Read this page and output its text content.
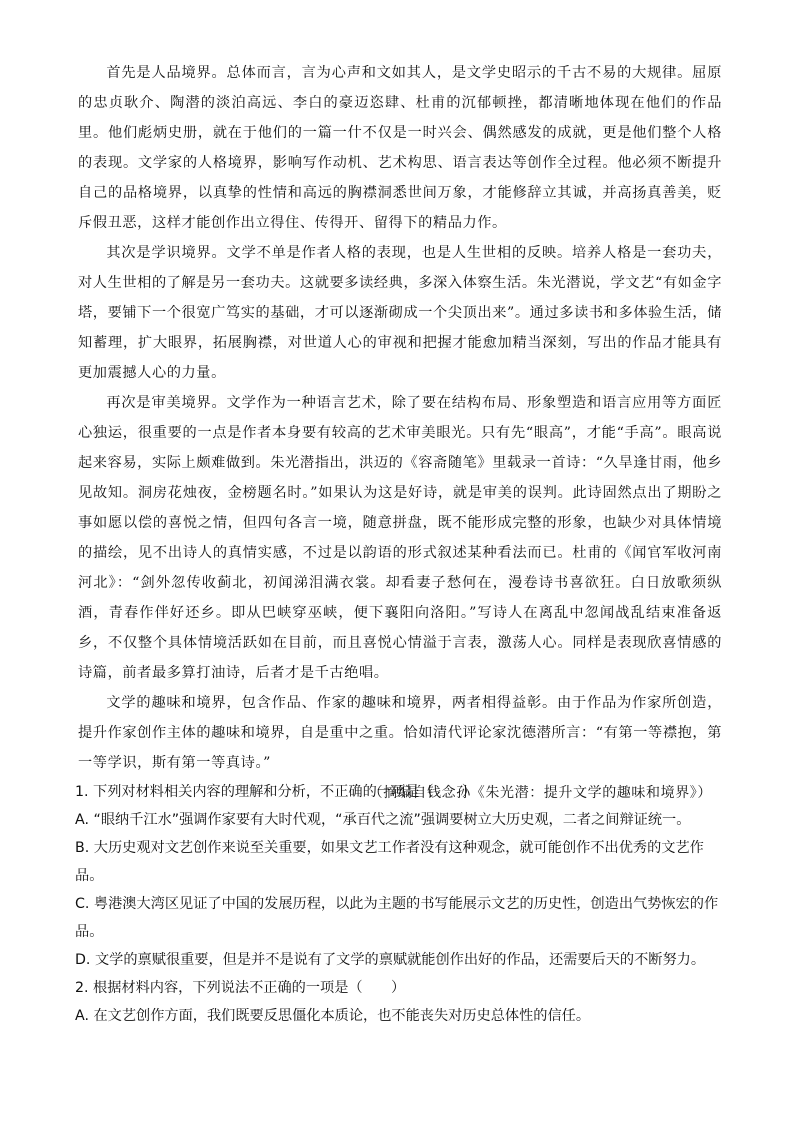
首先是人品境界。总体而言，言为心声和文如其人，是文学史昭示的千古不易的大规律。屈原的忠贞耿介、陶潜的淡泊高远、李白的豪迈恣肆、杜甫的沉郁顿挫，都清晰地体现在他们的作品里。他们彪炳史册，就在于他们的一篇一什不仅是一时兴会、偶然感发的成就，更是他们整个人格的表现。文学家的人格境界，影响写作动机、艺术构思、语言表达等创作全过程。他必须不断提升自己的品格境界，以真挚的性情和高远的胸襟洞悉世间万象，才能修辞立其诚，并高扬真善美，贬斥假丑恶，这样才能创作出立得住、传得开、留得下的精品力作。

其次是学识境界。文学不单是作者人格的表现，也是人生世相的反映。培养人格是一套功夫，对人生世相的了解是另一套功夫。这就要多读经典，多深入体察生活。朱光潜说，学文艺“有如金字塔，要铺下一个很宽广笃实的基础，才可以逐渐砌成一个尖顶出来”。通过多读书和多体验生活，储知蓄理，扩大眼界，拓展胸襟，对世道人心的审视和把握才能愈加精当深刻，写出的作品才能具有更加震撼人心的力量。

再次是审美境界。文学作为一种语言艺术，除了要在结构布局、形象塑造和语言应用等方面匠心独运，很重要的一点是作者本身要有较高的艺术审美眼光。只有先“眼高”，才能“手高”。眼高说起来容易，实际上颇难做到。朱光潜指出，洪迈的《容斋随笔》里载录一首诗：“久旱逢甘雨，他乡见故知。洞房花烛夜，金榜题名时。”如果认为这是好诗，就是审美的误判。此诗固然点出了期盼之事如愿以偿的喜悦之情，但四句各言一境，随意拼盘，既不能形成完整的形象，也缺少对具体情境的描绘，见不出诗人的真情实感，不过是以韵语的形式叙述某种看法而已。杜甫的《闻官军收河南河北》：“剑外忽传收蓟北，初闻涕泪满衣裳。却看妻子愁何在，漫卷诗书喜欲狂。白日放歌须纵酒，青春作伴好还乡。即从巴峡穿巫峡，便下襄阳向洛阳。”写诗人在离乱中忽闻战乱结束准备返乡，不仅整个具体情境活跃如在目前，而且喜悦心情溢于言表，激荡人心。同样是表现欣喜情感的诗篇，前者最多算打油诗，后者才是千古绝唱。

文学的趣味和境界，包含作品、作家的趣味和境界，两者相得益彰。由于作品为作家所创造，提升作家创作主体的趣味和境界，自是重中之重。恰如清代评论家沈德潜所言：“有第一等襟抱，第一等学识，斯有第一等真诗。”

（摘编自钱念孙《朱光潜：提升文学的趣味和境界》）

1. 下列对材料相关内容的理解和分析，不正确的一项是（　　）

A. “眼纳千江水”强调作家要有大时代观，“承百代之流”强调要树立大历史观，二者之间辩证统一。

B. 大历史观对文艺创作来说至关重要，如果文艺工作者没有这种观念，就可能创作不出优秀的文艺作品。

C. 粤港澳大湾区见证了中国的发展历程，以此为主题的书写能展示文艺的历史性，创造出气势恢宏的作品。

D. 文学的禀赋很重要，但是并不是说有了文学的禀赋就能创作出好的作品，还需要后天的不断努力。

2. 根据材料内容，下列说法不正确的一项是（　　）

A. 在文艺创作方面，我们既要反思僵化本质论，也不能丧失对历史总体性的信任。
